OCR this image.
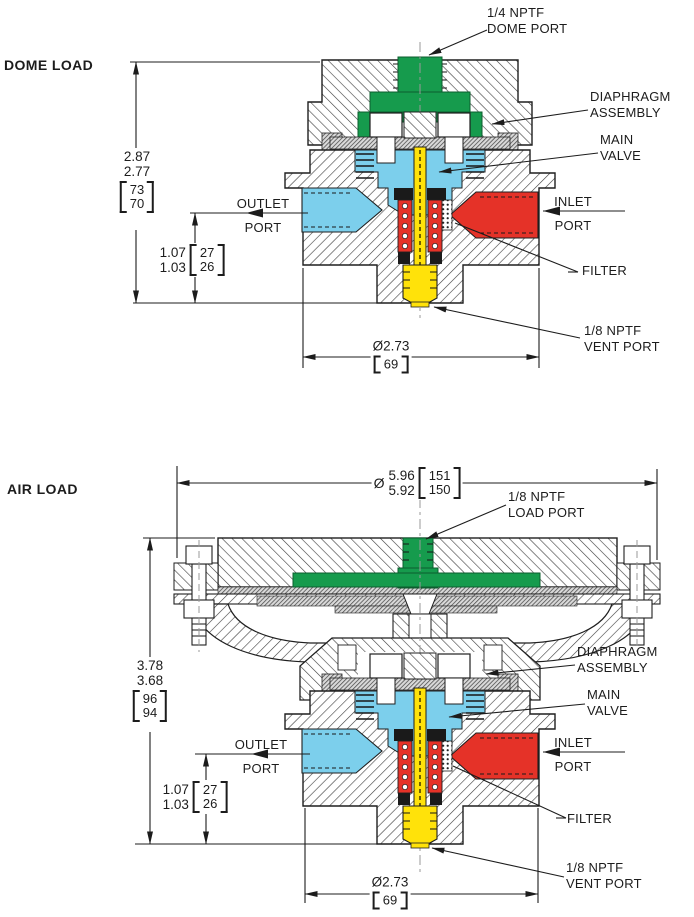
DOME LOAD
1/4 NPTF
DOME PORT
DIAPHRAGM
ASSEMBLY
MAIN
VALVE
OUTLET
PORT
INLET
PORT
FILTER
1/8 NPTF
VENT PORT
2.87
2.77
73
70
1.07
1.03
27
26
Ø2.73
69
AIR LOAD	Ø 5.96
5.92
151
150	1/8 NPTF
LOAD PORT
DIAPHRAGM
ASSEMBLY
MAIN
VALVE
OUTLET
PORT
INLET
PORT
FILTER
1/8 NPTF
VENT PORT
3.78
3.68
96
94
1.07
1.03
27
26
Ø2.73
69
